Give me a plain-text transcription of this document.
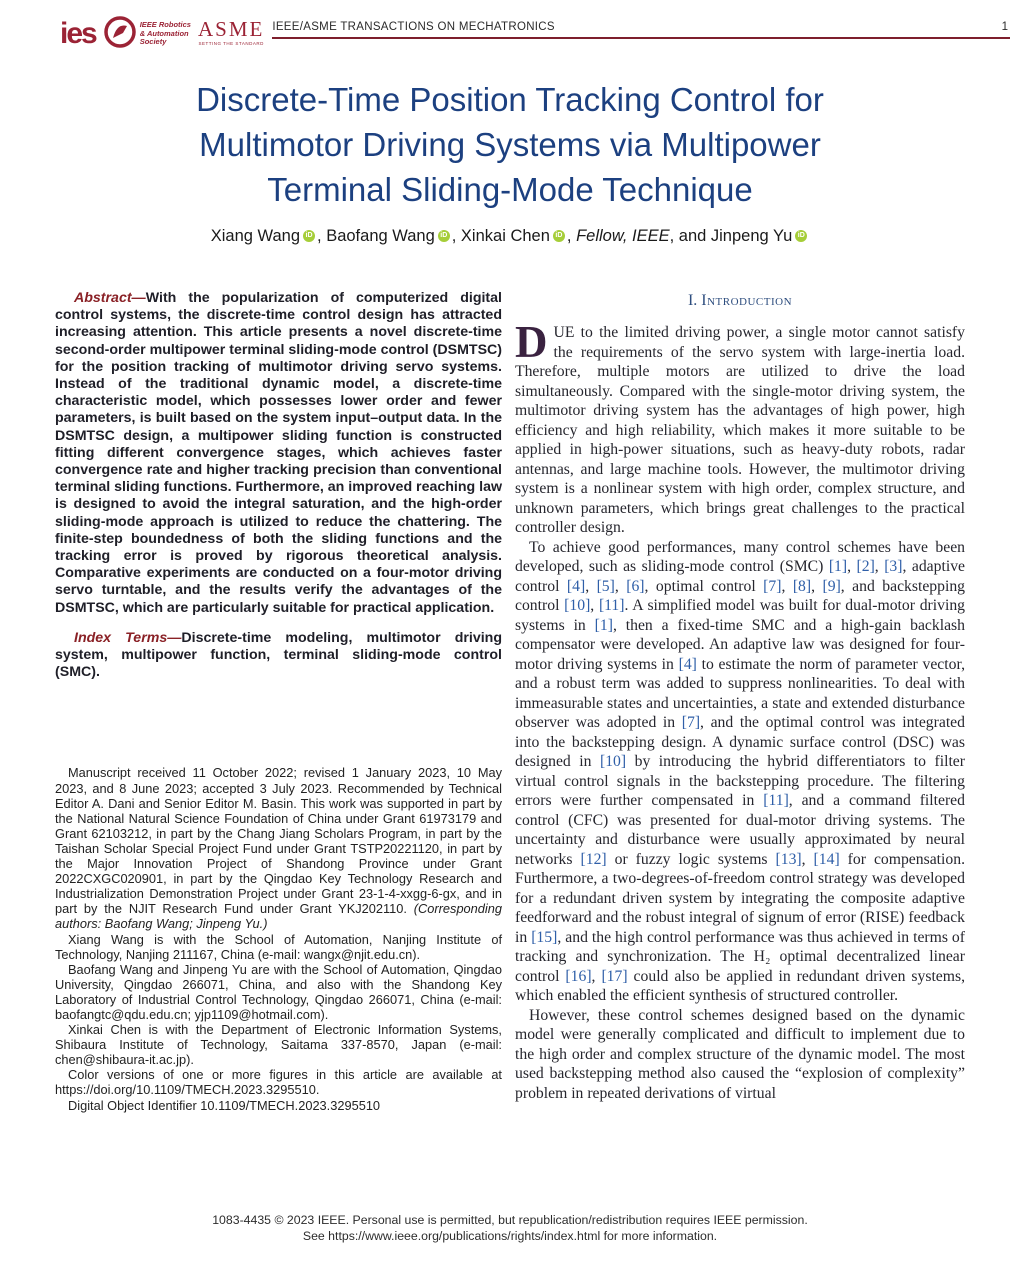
ies	IEEE Robotics
& Automation
Society
ASME
SETTING THE STANDARD
IEEE/ASME TRANSACTIONS ON MECHATRONICS	1
Discrete-Time Position Tracking Control for
Multimotor Driving Systems via Multipower
Terminal Sliding-Mode Technique
Xiang Wang iD , Baofang Wang iD , Xinkai Chen iD , Fellow, IEEE, and Jinpeng Yu iD

Abstract—With the popularization of computerized digital control systems, the discrete-time control design has attracted increasing attention. This article presents a novel discrete-time second-order multipower terminal sliding-mode control (DSMTSC) for the position tracking of multimotor driving servo systems. Instead of the traditional dynamic model, a discrete-time characteristic model, which possesses lower order and fewer parameters, is built based on the system input–output data. In the DSMTSC design, a multipower sliding function is constructed fitting different convergence stages, which achieves faster convergence rate and higher tracking precision than conventional terminal sliding functions. Furthermore, an improved reaching law is designed to avoid the integral saturation, and the high-order sliding-mode approach is utilized to reduce the chattering. The finite-step boundedness of both the sliding functions and the tracking error is proved by rigorous theoretical analysis. Comparative experiments are conducted on a four-motor driving servo turntable, and the results verify the advantages of the DSMTSC, which are particularly suitable for practical application.

Index Terms—Discrete-time modeling, multimotor driving system, multipower function, terminal sliding-mode control (SMC).

Manuscript received 11 October 2022; revised 1 January 2023, 10 May 2023, and 8 June 2023; accepted 3 July 2023. Recommended by Technical Editor A. Dani and Senior Editor M. Basin. This work was supported in part by the National Natural Science Foundation of China under Grant 61973179 and Grant 62103212, in part by the Chang Jiang Scholars Program, in part by the Taishan Scholar Special Project Fund under Grant TSTP20221120, in part by the Major Innovation Project of Shandong Province under Grant 2022CXGC020901, in part by the Qingdao Key Technology Research and Industrialization Demonstration Project under Grant 23-1-4-xxgg-6-gx, and in part by the NJIT Research Fund under Grant YKJ202110. (Corresponding authors: Baofang Wang; Jinpeng Yu.)

Xiang Wang is with the School of Automation, Nanjing Institute of Technology, Nanjing 211167, China (e-mail: wangx@njit.edu.cn).

Baofang Wang and Jinpeng Yu are with the School of Automation, Qingdao University, Qingdao 266071, China, and also with the Shandong Key Laboratory of Industrial Control Technology, Qingdao 266071, China (e-mail: baofangtc@qdu.edu.cn; yjp1109@hotmail.com).

Xinkai Chen is with the Department of Electronic Information Systems, Shibaura Institute of Technology, Saitama 337-8570, Japan (e-mail: chen@shibaura-it.ac.jp).

Color versions of one or more figures in this article are available at https://doi.org/10.1109/TMECH.2023.3295510.

Digital Object Identifier 10.1109/TMECH.2023.3295510

I. Introduction

DUE to the limited driving power, a single motor cannot satisfy the requirements of the servo system with large-inertia load. Therefore, multiple motors are utilized to drive the load simultaneously. Compared with the single-motor driving system, the multimotor driving system has the advantages of high power, high efficiency and high reliability, which makes it more suitable to be applied in high-power situations, such as heavy-duty robots, radar antennas, and large machine tools. However, the multimotor driving system is a nonlinear system with high order, complex structure, and unknown parameters, which brings great challenges to the practical controller design.

To achieve good performances, many control schemes have been developed, such as sliding-mode control (SMC) [1], [2], [3], adaptive control [4], [5], [6], optimal control [7], [8], [9], and backstepping control [10], [11]. A simplified model was built for dual-motor driving systems in [1], then a fixed-time SMC and a high-gain backlash compensator were developed. An adaptive law was designed for four-motor driving systems in [4] to estimate the norm of parameter vector, and a robust term was added to suppress nonlinearities. To deal with immeasurable states and uncertainties, a state and extended disturbance observer was adopted in [7], and the optimal control was integrated into the backstepping design. A dynamic surface control (DSC) was designed in [10] by introducing the hybrid differentiators to filter virtual control signals in the backstepping procedure. The filtering errors were further compensated in [11], and a command filtered control (CFC) was presented for dual-motor driving systems. The uncertainty and disturbance were usually approximated by neural networks [12] or fuzzy logic systems [13], [14] for compensation. Furthermore, a two-degrees-of-freedom control strategy was developed for a redundant driven system by integrating the composite adaptive feedforward and the robust integral of signum of error (RISE) feedback in [15], and the high control performance was thus achieved in terms of tracking and synchronization. The H₂ optimal decentralized linear control [16], [17] could also be applied in redundant driven systems, which enabled the efficient synthesis of structured controller.

However, these control schemes designed based on the dynamic model were generally complicated and difficult to implement due to the high order and complex structure of the dynamic model. The most used backstepping method also caused the “explosion of complexity” problem in repeated derivations of virtual

1083-4435 © 2023 IEEE. Personal use is permitted, but republication/redistribution requires IEEE permission.
See https://www.ieee.org/publications/rights/index.html for more information.
